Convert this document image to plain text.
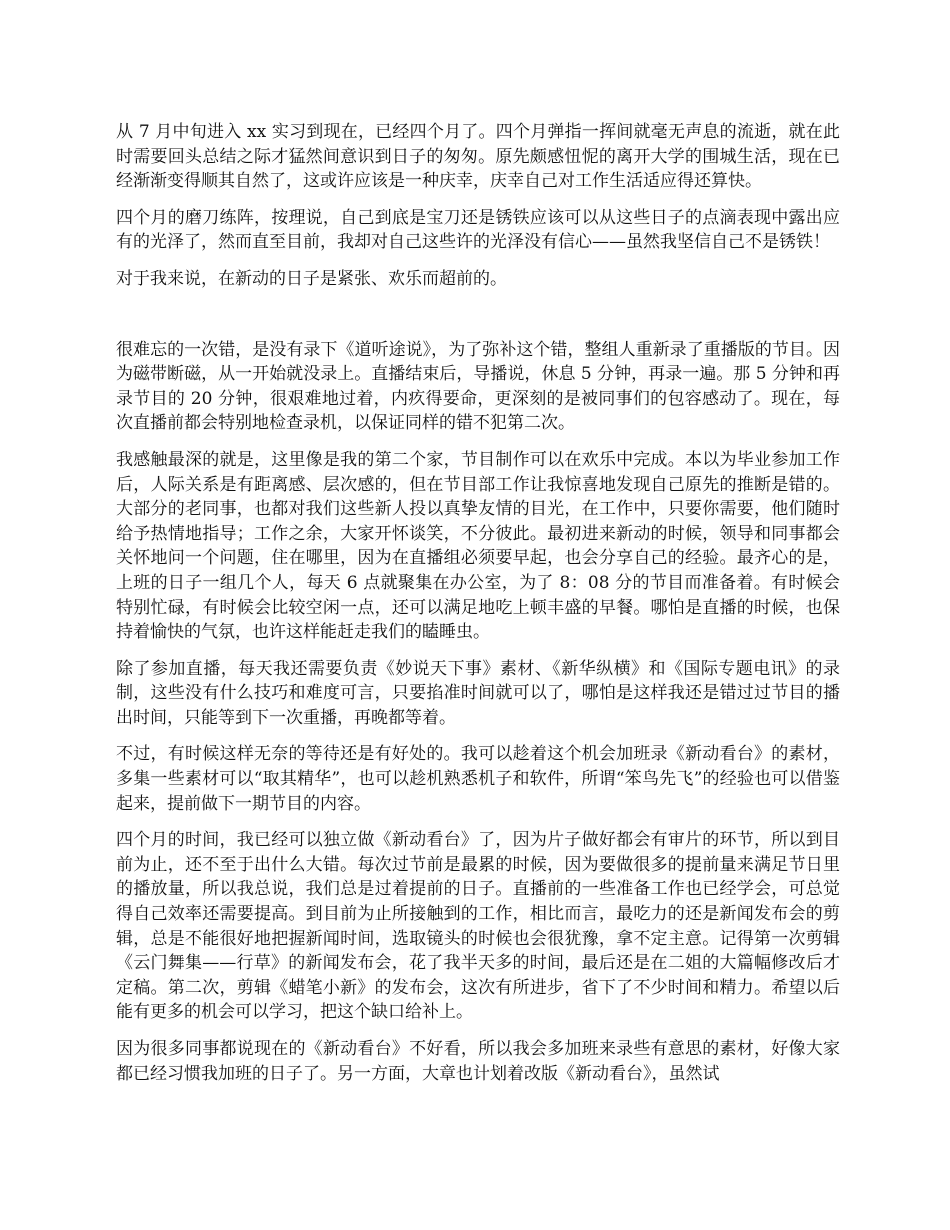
从 7 月中旬进入 xx 实习到现在，已经四个月了。四个月弹指一挥间就毫无声息的流逝，就在此时需要回头总结之际才猛然间意识到日子的匆匆。原先颇感忸怩的离开大学的围城生活，现在已经渐渐变得顺其自然了，这或许应该是一种庆幸，庆幸自己对工作生活适应得还算快。

四个月的磨刀练阵，按理说，自己到底是宝刀还是锈铁应该可以从这些日子的点滴表现中露出应有的光泽了，然而直至目前，我却对自己这些许的光泽没有信心——虽然我坚信自己不是锈铁！

对于我来说，在新动的日子是紧张、欢乐而超前的。

很难忘的一次错，是没有录下《道听途说》，为了弥补这个错，整组人重新录了重播版的节目。因为磁带断磁，从一开始就没录上。直播结束后，导播说，休息 5 分钟，再录一遍。那 5 分钟和再录节目的 20 分钟，很艰难地过着，内疚得要命，更深刻的是被同事们的包容感动了。现在，每次直播前都会特别地检查录机，以保证同样的错不犯第二次。

我感触最深的就是，这里像是我的第二个家，节目制作可以在欢乐中完成。本以为毕业参加工作后，人际关系是有距离感、层次感的，但在节目部工作让我惊喜地发现自己原先的推断是错的。大部分的老同事，也都对我们这些新人投以真挚友情的目光，在工作中，只要你需要，他们随时给予热情地指导；工作之余，大家开怀谈笑，不分彼此。最初进来新动的时候，领导和同事都会关怀地问一个问题，住在哪里，因为在直播组必须要早起，也会分享自己的经验。最齐心的是，上班的日子一组几个人，每天 6 点就聚集在办公室，为了 8：08 分的节目而准备着。有时候会特别忙碌，有时候会比较空闲一点，还可以满足地吃上顿丰盛的早餐。哪怕是直播的时候，也保持着愉快的气氛，也许这样能赶走我们的瞌睡虫。

除了参加直播，每天我还需要负责《妙说天下事》素材、《新华纵横》和《国际专题电讯》的录制，这些没有什么技巧和难度可言，只要掐准时间就可以了，哪怕是这样我还是错过过节目的播出时间，只能等到下一次重播，再晚都等着。

不过，有时候这样无奈的等待还是有好处的。我可以趁着这个机会加班录《新动看台》的素材，多集一些素材可以“取其精华”，也可以趁机熟悉机子和软件，所谓“笨鸟先飞”的经验也可以借鉴起来，提前做下一期节目的内容。

四个月的时间，我已经可以独立做《新动看台》了，因为片子做好都会有审片的环节，所以到目前为止，还不至于出什么大错。每次过节前是最累的时候，因为要做很多的提前量来满足节日里的播放量，所以我总说，我们总是过着提前的日子。直播前的一些准备工作也已经学会，可总觉得自己效率还需要提高。到目前为止所接触到的工作，相比而言，最吃力的还是新闻发布会的剪辑，总是不能很好地把握新闻时间，选取镜头的时候也会很犹豫，拿不定主意。记得第一次剪辑《云门舞集——行草》的新闻发布会，花了我半天多的时间，最后还是在二姐的大篇幅修改后才定稿。第二次，剪辑《蜡笔小新》的发布会，这次有所进步，省下了不少时间和精力。希望以后能有更多的机会可以学习，把这个缺口给补上。

因为很多同事都说现在的《新动看台》不好看，所以我会多加班来录些有意思的素材，好像大家都已经习惯我加班的日子了。另一方面，大章也计划着改版《新动看台》，虽然试
